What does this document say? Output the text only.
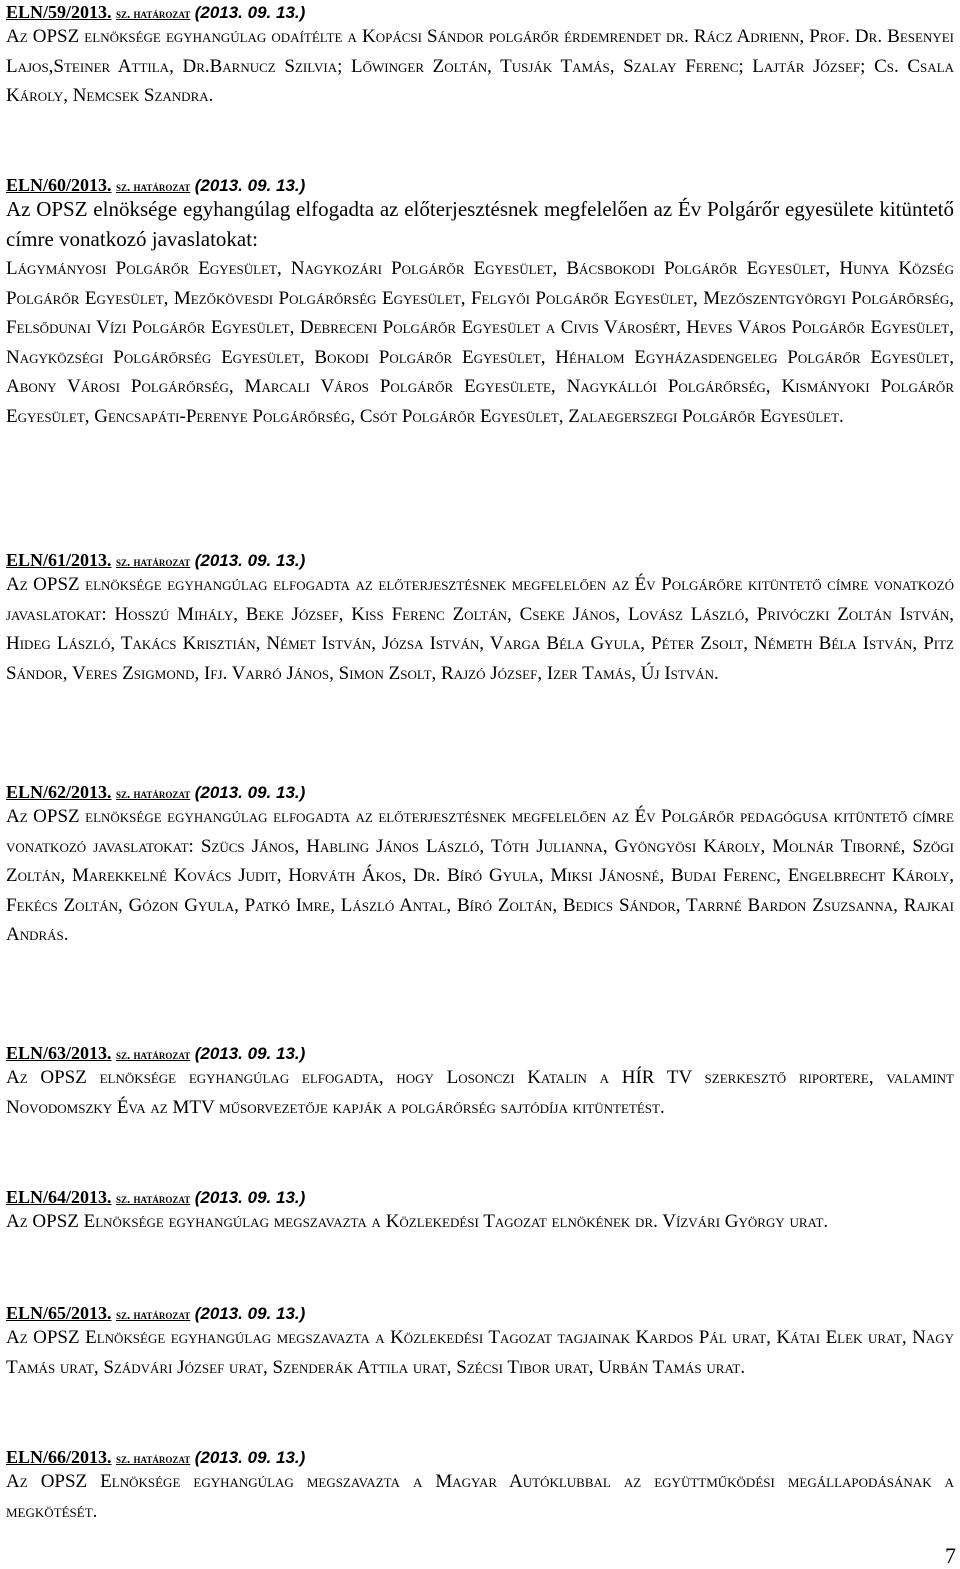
ELN/59/2013. sz. határozat (2013. 09. 13.)

Az OPSZ elnöksége egyhangúlag odaítélte a Kopácsi Sándor polgárőr érdemrendet dr. Rácz Adrienn, Prof. Dr. Besenyei Lajos,Steiner Attila, Dr.Barnucz Szilvia; Lőwinger Zoltán, Tusják Tamás, Szalay Ferenc; Lajtár József; Cs. Csala Károly, Nemcsek Szandra.

ELN/60/2013. sz. határozat (2013. 09. 13.)

Az OPSZ elnöksége egyhangúlag elfogadta az előterjesztésnek megfelelően az Év Polgárőr egyesülete kitüntető címre vonatkozó javaslatokat:

Lágymányosi Polgárőr Egyesület, Nagykozári Polgárőr Egyesület, Bácsbokodi Polgárőr Egyesület, Hunya Község Polgárőr Egyesület, Mezőkövesdi Polgárőrség Egyesület, Felgyői Polgárőr Egyesület, Mezőszentgyörgyi Polgárőrség, Felsődunai Vízi Polgárőr Egyesület, Debreceni Polgárőr Egyesület a Civis Városért, Heves Város Polgárőr Egyesület, Nagyközségi Polgárőrség Egyesület, Bokodi Polgárőr Egyesület, Héhalom Egyházasdengeleg Polgárőr Egyesület, Abony Városi Polgárőrség, Marcali Város Polgárőr Egyesülete, Nagykállói Polgárőrség, Kismányoki Polgárőr Egyesület, Gencsapáti-Perenye Polgárőrség, Csót Polgárőr Egyesület, Zalaegerszegi Polgárőr Egyesület.

ELN/61/2013. sz. határozat (2013. 09. 13.)

Az OPSZ elnöksége egyhangúlag elfogadta az előterjesztésnek megfelelően az Év Polgárőre kitüntető címre vonatkozó javaslatokat: Hosszú Mihály, Beke József, Kiss Ferenc Zoltán, Cseke János, Lovász László, Privóczki Zoltán István, Hideg László, Takács Krisztián, Német István, Józsa István, Varga Béla Gyula, Péter Zsolt, Németh Béla István, Pitz Sándor, Veres Zsigmond, Ifj. Varró János, Simon Zsolt, Rajzó József, Izer Tamás, Új István.

ELN/62/2013. sz. határozat (2013. 09. 13.)

Az OPSZ elnöksége egyhangúlag elfogadta az előterjesztésnek megfelelően az Év Polgárőr pedagógusa kitüntető címre vonatkozó javaslatokat: Szücs János, Habling János László, Tóth Julianna, Gyöngyösi Károly, Molnár Tiborné, Szögi Zoltán, Marekkelné Kovács Judit, Horváth Ákos, Dr. Bíró Gyula, Miksi Jánosné, Budai Ferenc, Engelbrecht Károly, Fekécs Zoltán, Gózon Gyula, Patkó Imre, László Antal, Bíró Zoltán, Bedics Sándor, Tarrné Bardon Zsuzsanna, Rajkai András.

ELN/63/2013. sz. határozat (2013. 09. 13.)

Az OPSZ elnöksége egyhangúlag elfogadta, hogy Losonczi Katalin a HÍR TV szerkesztő riportere, valamint Novodomszky Éva az MTV műsorvezetője kapják a polgárőrség sajtódíja kitüntetést.

ELN/64/2013. sz. határozat (2013. 09. 13.)

Az OPSZ Elnöksége egyhangúlag megszavazta a Közlekedési Tagozat elnökének dr. Vízvári György urat.

ELN/65/2013. sz. határozat (2013. 09. 13.)

Az OPSZ Elnöksége egyhangúlag megszavazta a Közlekedési Tagozat tagjainak Kardos Pál urat, Kátai Elek urat, Nagy Tamás urat, Szádvári József urat, Szenderák Attila urat, Szécsi Tibor urat, Urbán Tamás urat.

ELN/66/2013. sz. határozat (2013. 09. 13.)

Az OPSZ Elnöksége egyhangúlag megszavazta a Magyar Autóklubbal az együttműködési megállapodásának a megkötését.

7
